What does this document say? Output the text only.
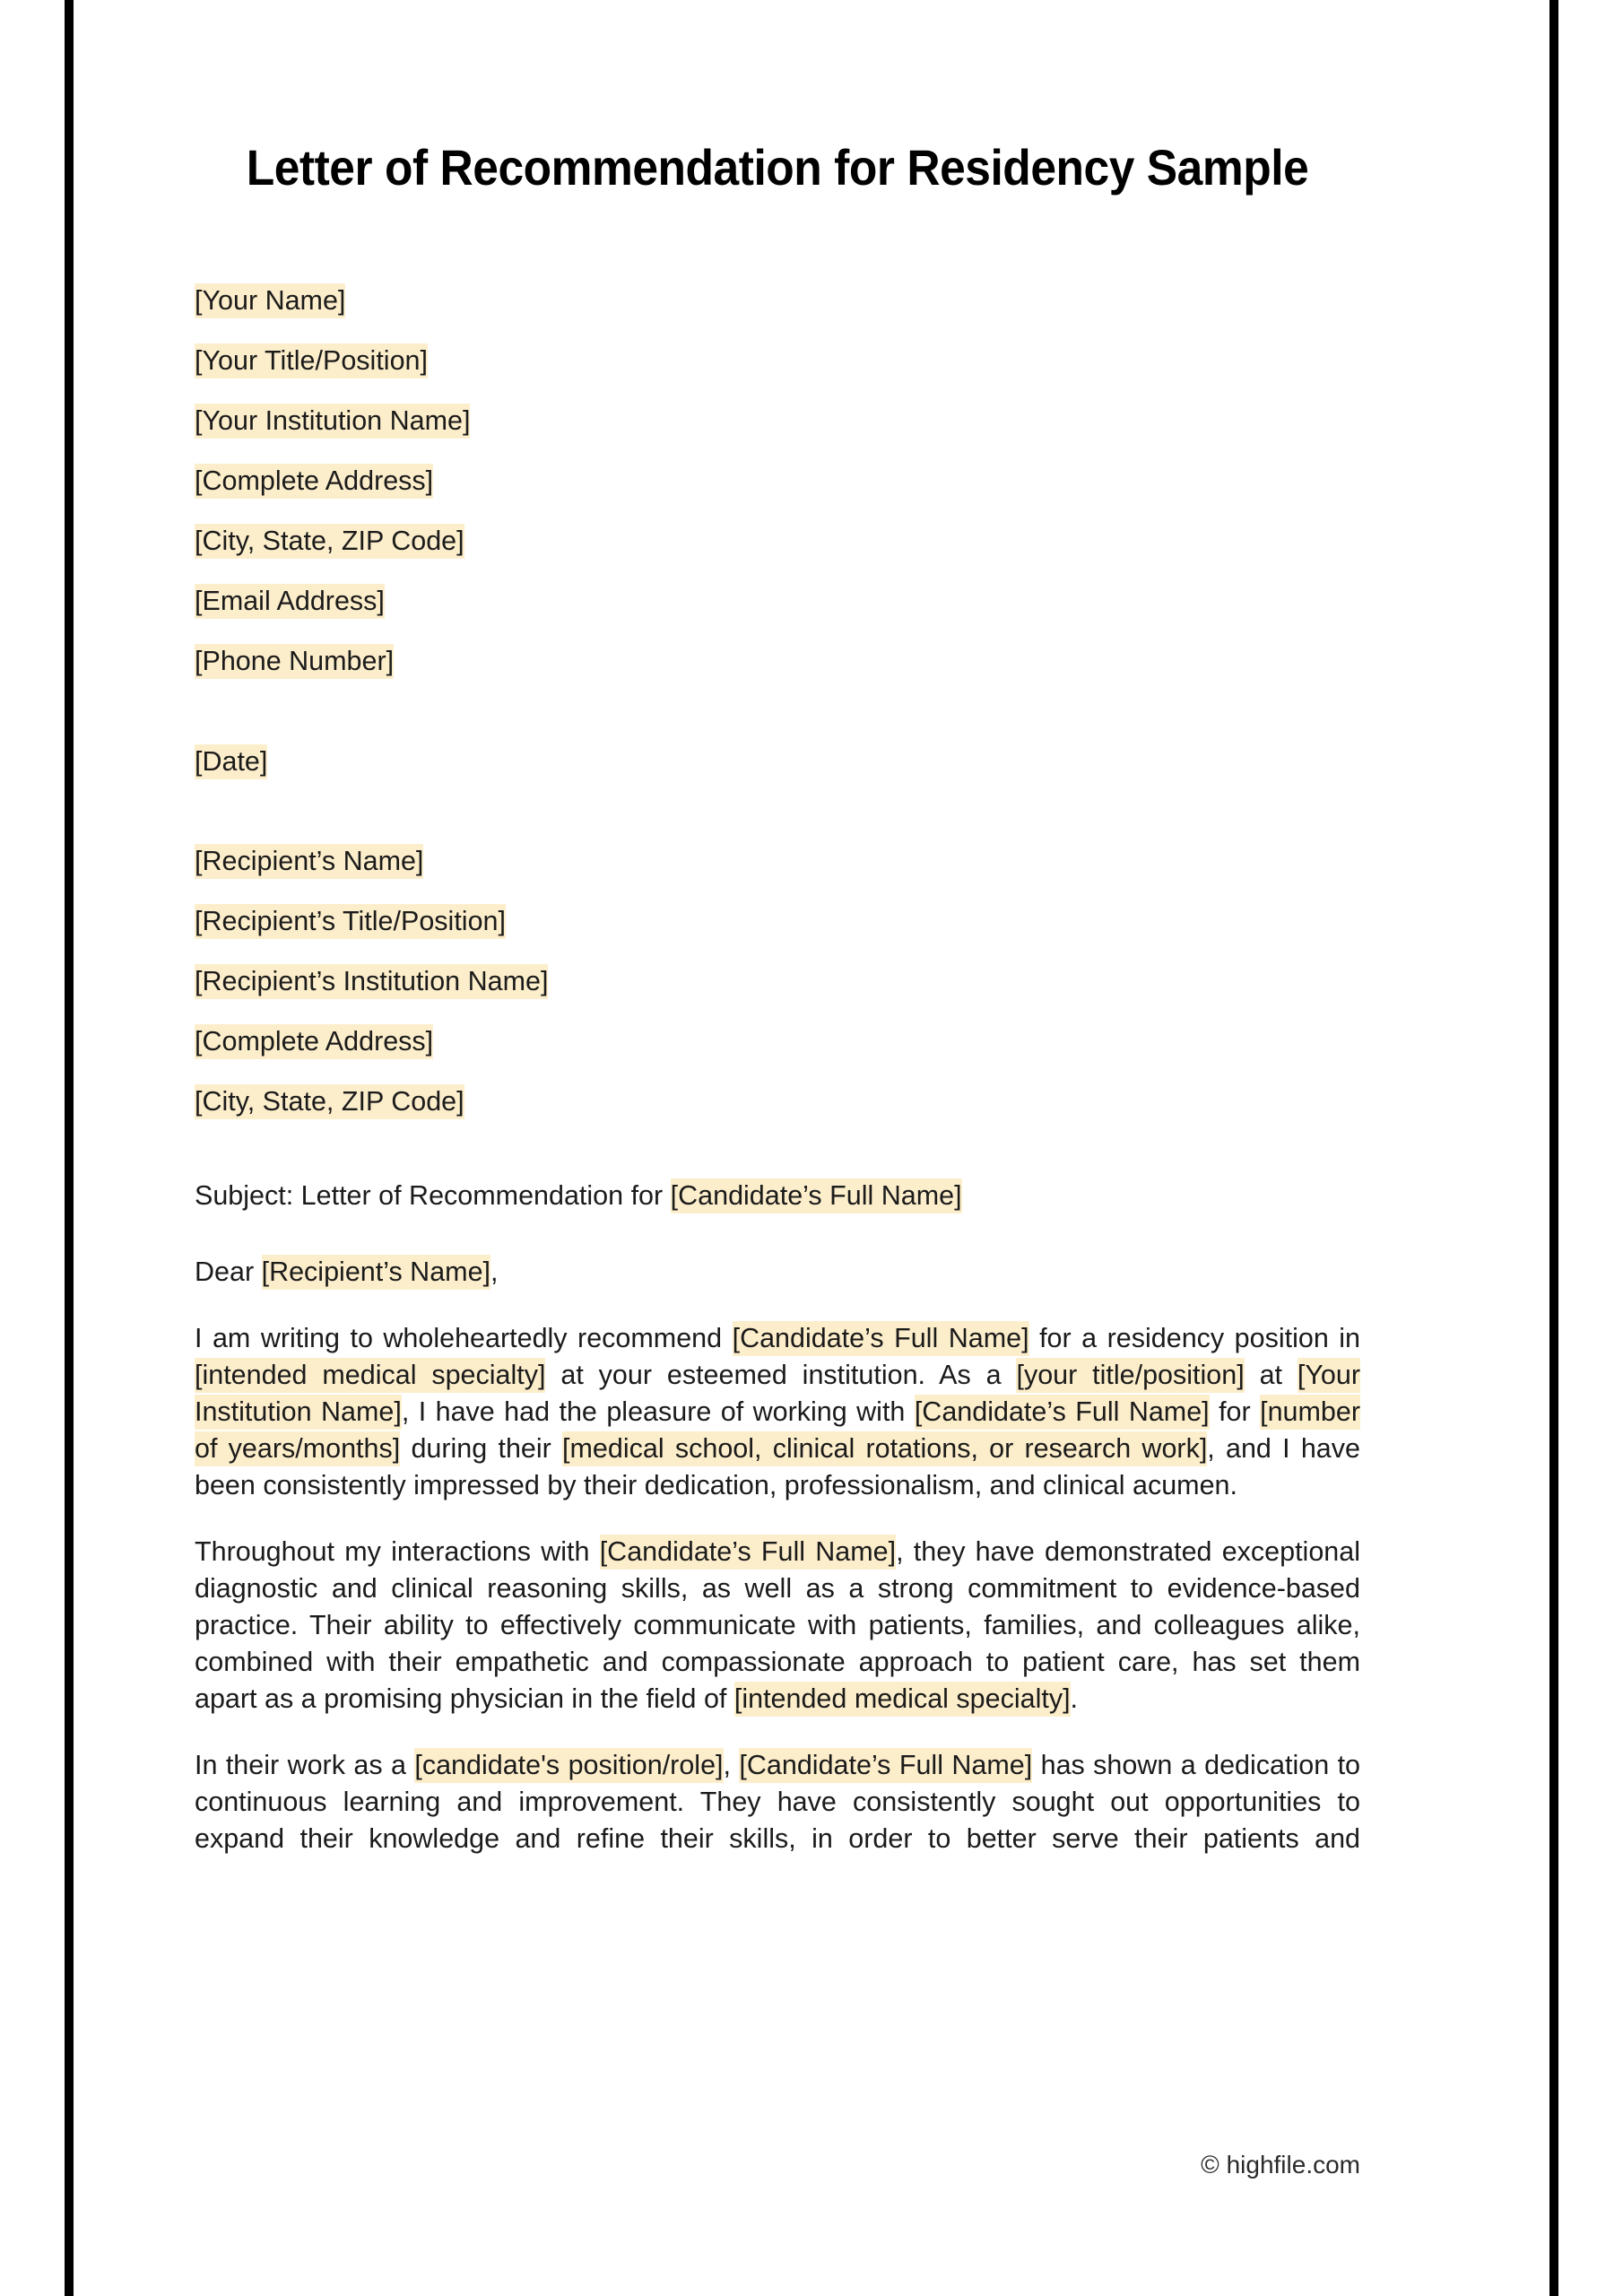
Letter of Recommendation for Residency Sample

[Your Name]

[Your Title/Position]

[Your Institution Name]

[Complete Address]

[City, State, ZIP Code]

[Email Address]

[Phone Number]

[Date]

[Recipient’s Name]

[Recipient’s Title/Position]

[Recipient’s Institution Name]

[Complete Address]

[City, State, ZIP Code]

Subject: Letter of Recommendation for [Candidate’s Full Name]

Dear [Recipient’s Name],

I am writing to wholeheartedly recommend [Candidate’s Full Name] for a residency position in [intended medical specialty] at your esteemed institution. As a [your title/position] at [Your Institution Name], I have had the pleasure of working with [Candidate’s Full Name] for [number of years/months] during their [medical school, clinical rotations, or research work], and I have been consistently impressed by their dedication, professionalism, and clinical acumen.

Throughout my interactions with [Candidate’s Full Name], they have demonstrated exceptional diagnostic and clinical reasoning skills, as well as a strong commitment to evidence-based practice. Their ability to effectively communicate with patients, families, and colleagues alike, combined with their empathetic and compassionate approach to patient care, has set them apart as a promising physician in the field of [intended medical specialty].

In their work as a [candidate's position/role], [Candidate’s Full Name] has shown a dedication to continuous learning and improvement. They have consistently sought out opportunities to expand their knowledge and refine their skills, in order to better serve their patients and

© highfile.com
